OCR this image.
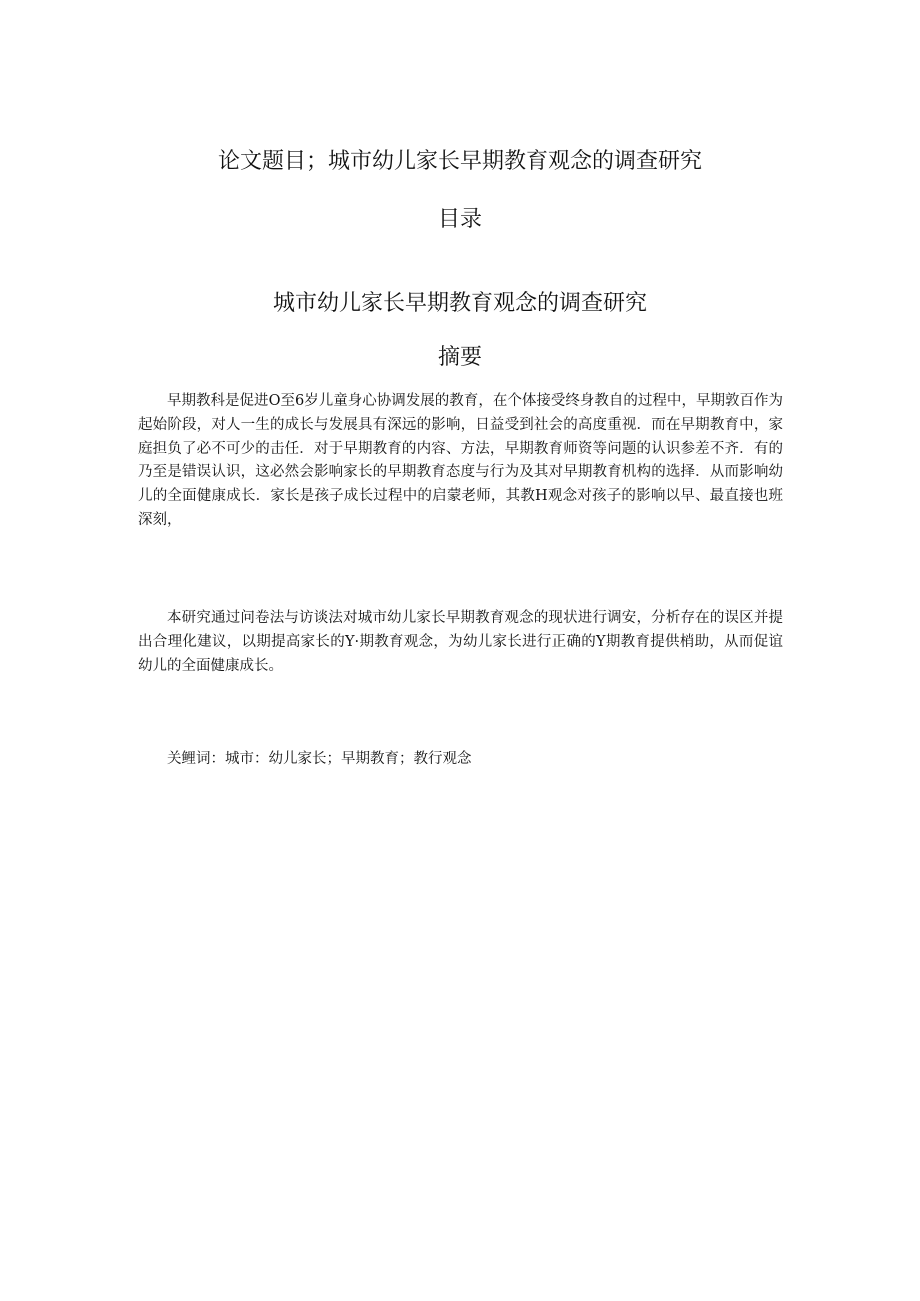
论文题目；城市幼儿家长早期教育观念的调查研究
目录
城市幼儿家长早期教育观念的调查研究
摘要

早期教科是促进O至6岁儿童身心协调发展的教育，在个体接受终身教自的过程中，早期敦百作为起始阶段，对人一生的成长与发展具有深远的影响，日益受到社会的高度重视．而在早期教育中，家庭担负了必不可少的击任．对于早期教育的内容、方法，早期教育师资等问题的认识参差不齐．有的乃至是错误认识，这必然会影响家长的早期教育态度与行为及其对早期教育机构的选择．从而影响幼儿的全面健康成长．家长是孩子成长过程中的启蒙老师，其教H观念对孩子的影响以早、最直接也班深刻，

本研究通过问卷法与访谈法对城市幼儿家长早期教育观念的现状进行调安，分析存在的误区并提出合理化建议，以期提高家长的Y·期教育观念，为幼儿家长进行正确的Y期教育提供梢助，从而促谊幼儿的全面健康成长。

关鲤词：城市：幼儿家长；早期教育；教行观念
